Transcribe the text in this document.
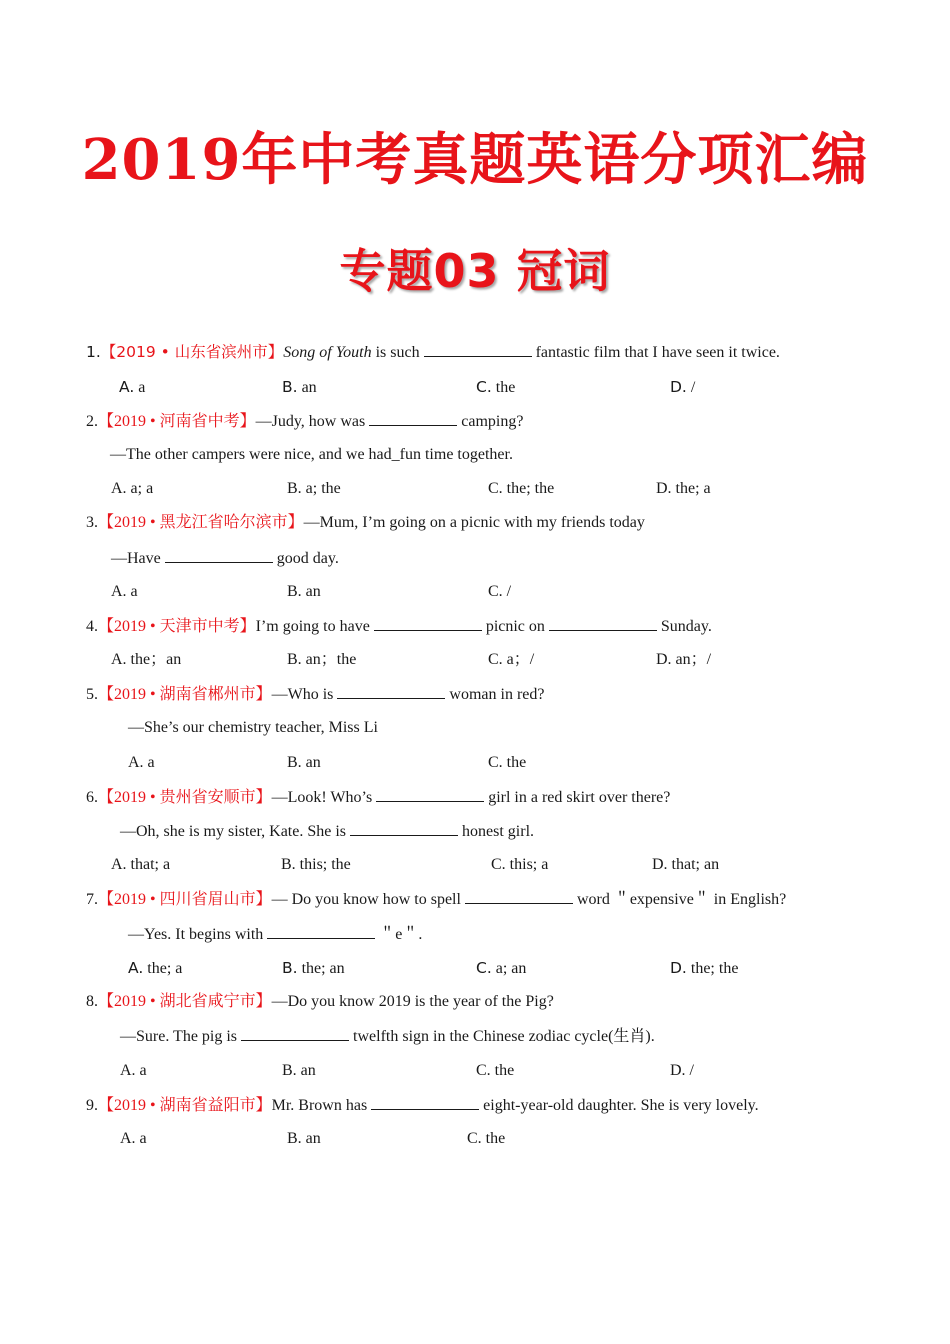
2019年中考真题英语分项汇编
专题03 冠词
1.【2019 • 山东省滨州市】Song of Youth is such	fantastic film that I have seen it twice.
A. a	B. an	C. the	D. /
2.【2019 • 河南省中考】—Judy, how was	camping?
—The other campers were nice, and we had_fun time together.
A. a; a	B. a; the	C. the; the	D. the; a
3.【2019 • 黑龙江省哈尔滨市】—Mum, I’m going on a picnic with my friends today
—Have	good day.
A. a	B. an	C. /
4.【2019 • 天津市中考】I’m going to have	picnic on	Sunday.
A. the；an	B. an；the	C. a；/	D. an；/
5.【2019 • 湖南省郴州市】—Who is	woman in red?
—She’s our chemistry teacher, Miss Li
A. a	B. an	C. the
6.【2019 • 贵州省安顺市】—Look! Who’s	girl in a red skirt over there?
—Oh, she is my sister, Kate. She is	honest girl.
A. that; a	B. this; the	C. this; a	D. that; an
7.【2019 • 四川省眉山市】— Do you know how to spell	word ＂expensive＂ in English?
—Yes. It begins with	＂e＂.
A. the; a	B. the; an	C. a; an	D. the; the
8.【2019 • 湖北省咸宁市】—Do you know 2019 is the year of the Pig?
—Sure. The pig is	twelfth sign in the Chinese zodiac cycle(生肖).
A. a	B. an	C. the	D. /
9.【2019 • 湖南省益阳市】Mr. Brown has	eight-year-old daughter. She is very lovely.
A. a	B. an	C. the
